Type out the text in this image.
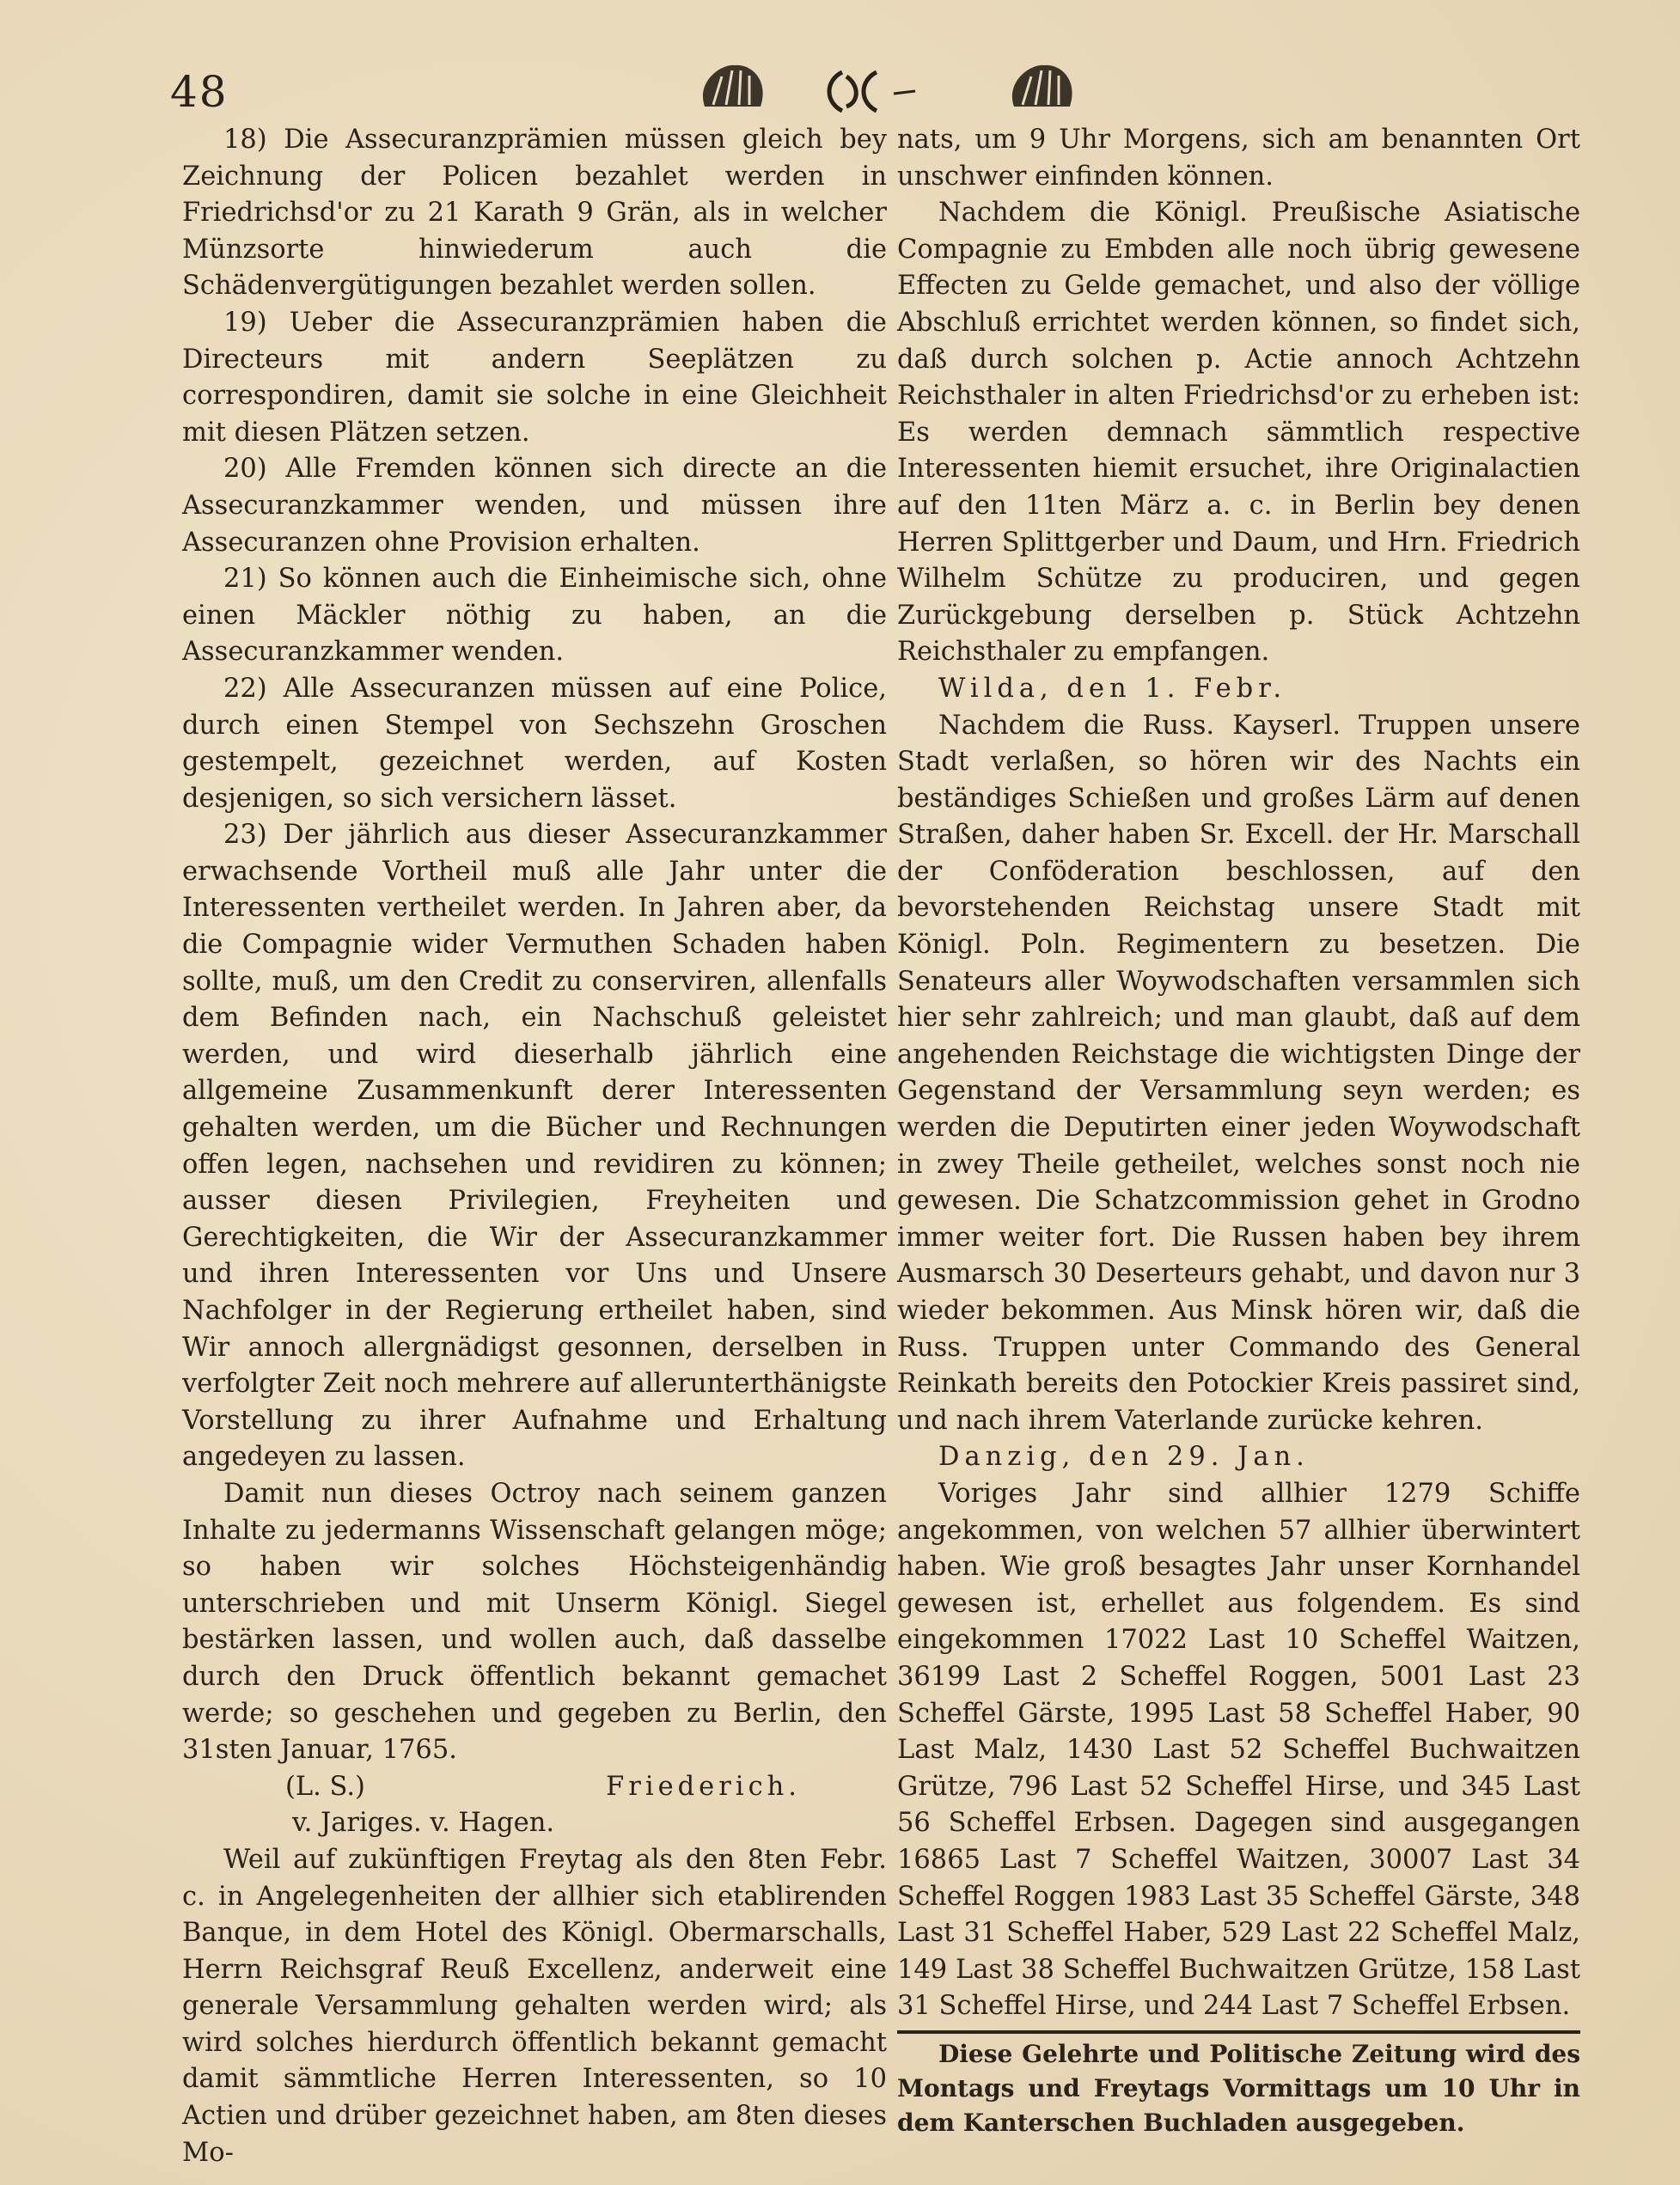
48

18) Die Assecuranzprämien müssen gleich bey Zeichnung der Policen bezahlet werden in Friedrichsd'or zu 21 Karath 9 Grän, als in welcher Münzsorte hinwiederum auch die Schädenvergütigungen bezahlet werden sollen.

19) Ueber die Assecuranzprämien haben die Directeurs mit andern Seeplätzen zu correspondiren, damit sie solche in eine Gleichheit mit diesen Plätzen setzen.

20) Alle Fremden können sich directe an die Assecuranzkammer wenden, und müssen ihre Assecuranzen ohne Provision erhalten.

21) So können auch die Einheimische sich, ohne einen Mäckler nöthig zu haben, an die Assecuranzkammer wenden.

22) Alle Assecuranzen müssen auf eine Police, durch einen Stempel von Sechszehn Groschen gestempelt, gezeichnet werden, auf Kosten desjenigen, so sich versichern lässet.

23) Der jährlich aus dieser Assecuranzkammer erwachsende Vortheil muß alle Jahr unter die Interessenten vertheilet werden. In Jahren aber, da die Compagnie wider Vermuthen Schaden haben sollte, muß, um den Credit zu conserviren, allenfalls dem Befinden nach, ein Nachschuß geleistet werden, und wird dieserhalb jährlich eine allgemeine Zusammenkunft derer Interessenten gehalten werden, um die Bücher und Rechnungen offen legen, nachsehen und revidiren zu können; ausser diesen Privilegien, Freyheiten und Gerechtigkeiten, die Wir der Assecuranzkammer und ihren Interessenten vor Uns und Unsere Nachfolger in der Regierung ertheilet haben, sind Wir annoch allergnädigst gesonnen, derselben in verfolgter Zeit noch mehrere auf allerunterthänigste Vorstellung zu ihrer Aufnahme und Erhaltung angedeyen zu lassen.

Damit nun dieses Octroy nach seinem ganzen Inhalte zu jedermanns Wissenschaft gelangen möge; so haben wir solches Höchsteigenhändig unterschrieben und mit Unserm Königl. Siegel bestärken lassen, und wollen auch, daß dasselbe durch den Druck öffentlich bekannt gemachet werde; so geschehen und gegeben zu Berlin, den 31sten Januar, 1765.

(L. S.)	Friederich.

v. Jariges. v. Hagen.

Weil auf zukünftigen Freytag als den 8ten Febr. c. in Angelegenheiten der allhier sich etablirenden Banque, in dem Hotel des Königl. Obermarschalls, Herrn Reichsgraf Reuß Excellenz, anderweit eine generale Versammlung gehalten werden wird; als wird solches hierdurch öffentlich bekannt gemacht damit sämmtliche Herren Interessenten, so 10 Actien und drüber gezeichnet haben, am 8ten dieses Mo-

nats, um 9 Uhr Morgens, sich am benannten Ort unschwer einfinden können.

Nachdem die Königl. Preußische Asiatische Compagnie zu Embden alle noch übrig gewesene Effecten zu Gelde gemachet, und also der völlige Abschluß errichtet werden können, so findet sich, daß durch solchen p. Actie annoch Achtzehn Reichsthaler in alten Friedrichsd'or zu erheben ist: Es werden demnach sämmtlich respective Interessenten hiemit ersuchet, ihre Originalactien auf den 11ten März a. c. in Berlin bey denen Herren Splittgerber und Daum, und Hrn. Friedrich Wilhelm Schütze zu produciren, und gegen Zurückgebung derselben p. Stück Achtzehn Reichsthaler zu empfangen.

Wilda, den 1. Febr.

Nachdem die Russ. Kayserl. Truppen unsere Stadt verlaßen, so hören wir des Nachts ein beständiges Schießen und großes Lärm auf denen Straßen, daher haben Sr. Excell. der Hr. Marschall der Conföderation beschlossen, auf den bevorstehenden Reichstag unsere Stadt mit Königl. Poln. Regimentern zu besetzen. Die Senateurs aller Woywodschaften versammlen sich hier sehr zahlreich; und man glaubt, daß auf dem angehenden Reichstage die wichtigsten Dinge der Gegenstand der Versammlung seyn werden; es werden die Deputirten einer jeden Woywodschaft in zwey Theile getheilet, welches sonst noch nie gewesen. Die Schatzcommission gehet in Grodno immer weiter fort. Die Russen haben bey ihrem Ausmarsch 30 Deserteurs gehabt, und davon nur 3 wieder bekommen. Aus Minsk hören wir, daß die Russ. Truppen unter Commando des General Reinkath bereits den Potockier Kreis passiret sind, und nach ihrem Vaterlande zurücke kehren.

Danzig, den 29. Jan.

Voriges Jahr sind allhier 1279 Schiffe angekommen, von welchen 57 allhier überwintert haben. Wie groß besagtes Jahr unser Kornhandel gewesen ist, erhellet aus folgendem. Es sind eingekommen 17022 Last 10 Scheffel Waitzen, 36199 Last 2 Scheffel Roggen, 5001 Last 23 Scheffel Gärste, 1995 Last 58 Scheffel Haber, 90 Last Malz, 1430 Last 52 Scheffel Buchwaitzen Grütze, 796 Last 52 Scheffel Hirse, und 345 Last 56 Scheffel Erbsen. Dagegen sind ausgegangen 16865 Last 7 Scheffel Waitzen, 30007 Last 34 Scheffel Roggen 1983 Last 35 Scheffel Gärste, 348 Last 31 Scheffel Haber, 529 Last 22 Scheffel Malz, 149 Last 38 Scheffel Buchwaitzen Grütze, 158 Last 31 Scheffel Hirse, und 244 Last 7 Scheffel Erbsen.

Diese Gelehrte und Politische Zeitung wird des Montags und Freytags Vormittags um 10 Uhr in dem Kanterschen Buchladen ausgegeben.
